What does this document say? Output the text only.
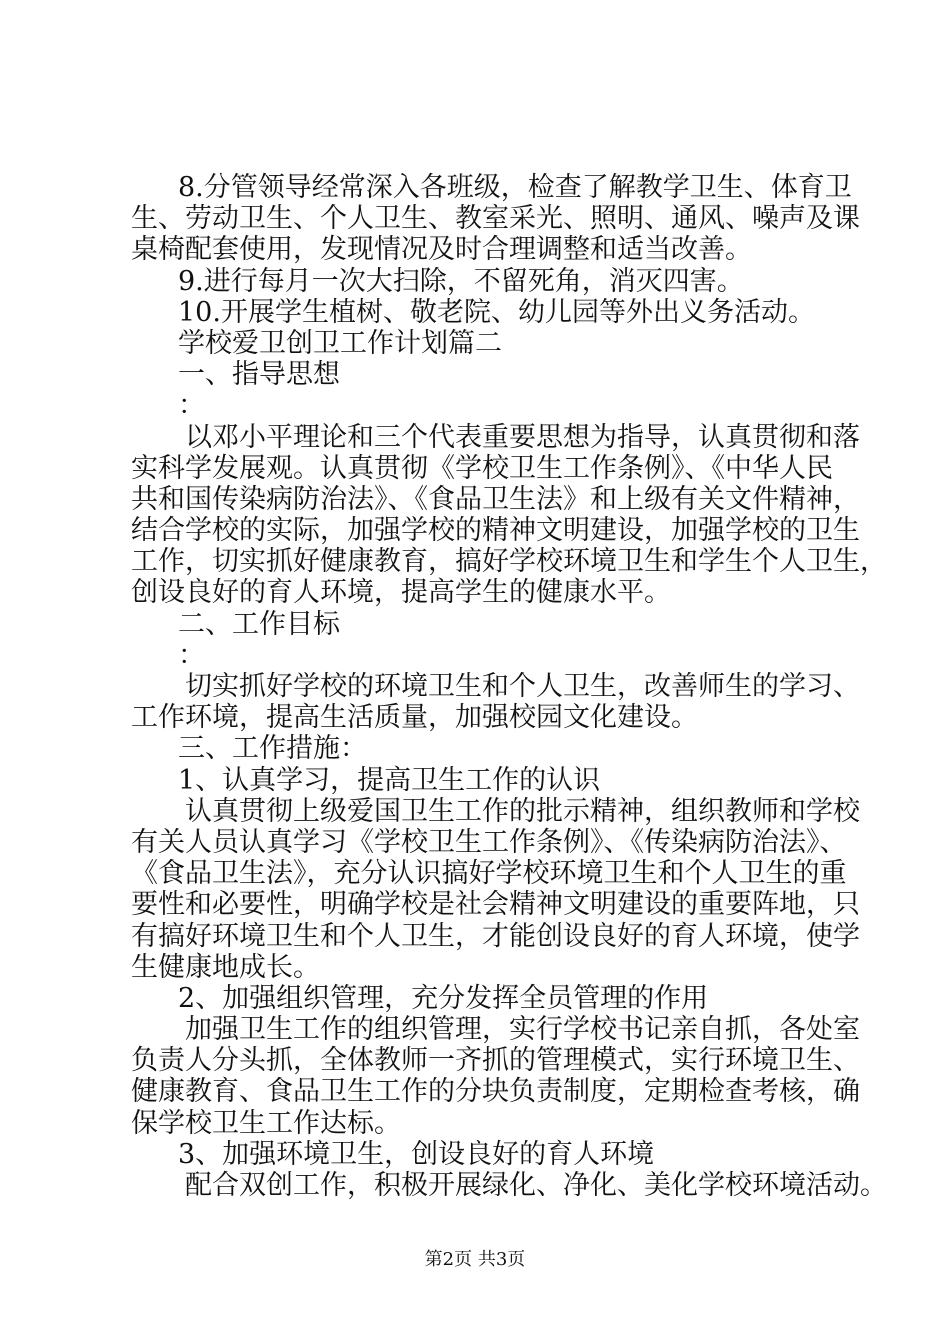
8.分管领导经常深入各班级，检查了解教学卫生、体育卫
生、劳动卫生、个人卫生、教室采光、照明、通风、噪声及课
桌椅配套使用，发现情况及时合理调整和适当改善。
9.进行每月一次大扫除，不留死角，消灭四害。
10.开展学生植树、敬老院、幼儿园等外出义务活动。
学校爱卫创卫工作计划篇二
一、指导思想
：
以邓小平理论和三个代表重要思想为指导，认真贯彻和落
实科学发展观。认真贯彻《学校卫生工作条例》、《中华人民
共和国传染病防治法》、《食品卫生法》和上级有关文件精神，
结合学校的实际，加强学校的精神文明建设，加强学校的卫生
工作，切实抓好健康教育，搞好学校环境卫生和学生个人卫生，
创设良好的育人环境，提高学生的健康水平。
二、工作目标
：
切实抓好学校的环境卫生和个人卫生，改善师生的学习、
工作环境，提高生活质量，加强校园文化建设。
三、工作措施：
1、认真学习，提高卫生工作的认识
认真贯彻上级爱国卫生工作的批示精神，组织教师和学校
有关人员认真学习《学校卫生工作条例》、《传染病防治法》、
《食品卫生法》，充分认识搞好学校环境卫生和个人卫生的重
要性和必要性，明确学校是社会精神文明建设的重要阵地，只
有搞好环境卫生和个人卫生，才能创设良好的育人环境，使学
生健康地成长。
2、加强组织管理，充分发挥全员管理的作用
加强卫生工作的组织管理，实行学校书记亲自抓，各处室
负责人分头抓，全体教师一齐抓的管理模式，实行环境卫生、
健康教育、食品卫生工作的分块负责制度，定期检查考核，确
保学校卫生工作达标。
3、加强环境卫生，创设良好的育人环境
配合双创工作，积极开展绿化、净化、美化学校环境活动。
第2页 共3页
